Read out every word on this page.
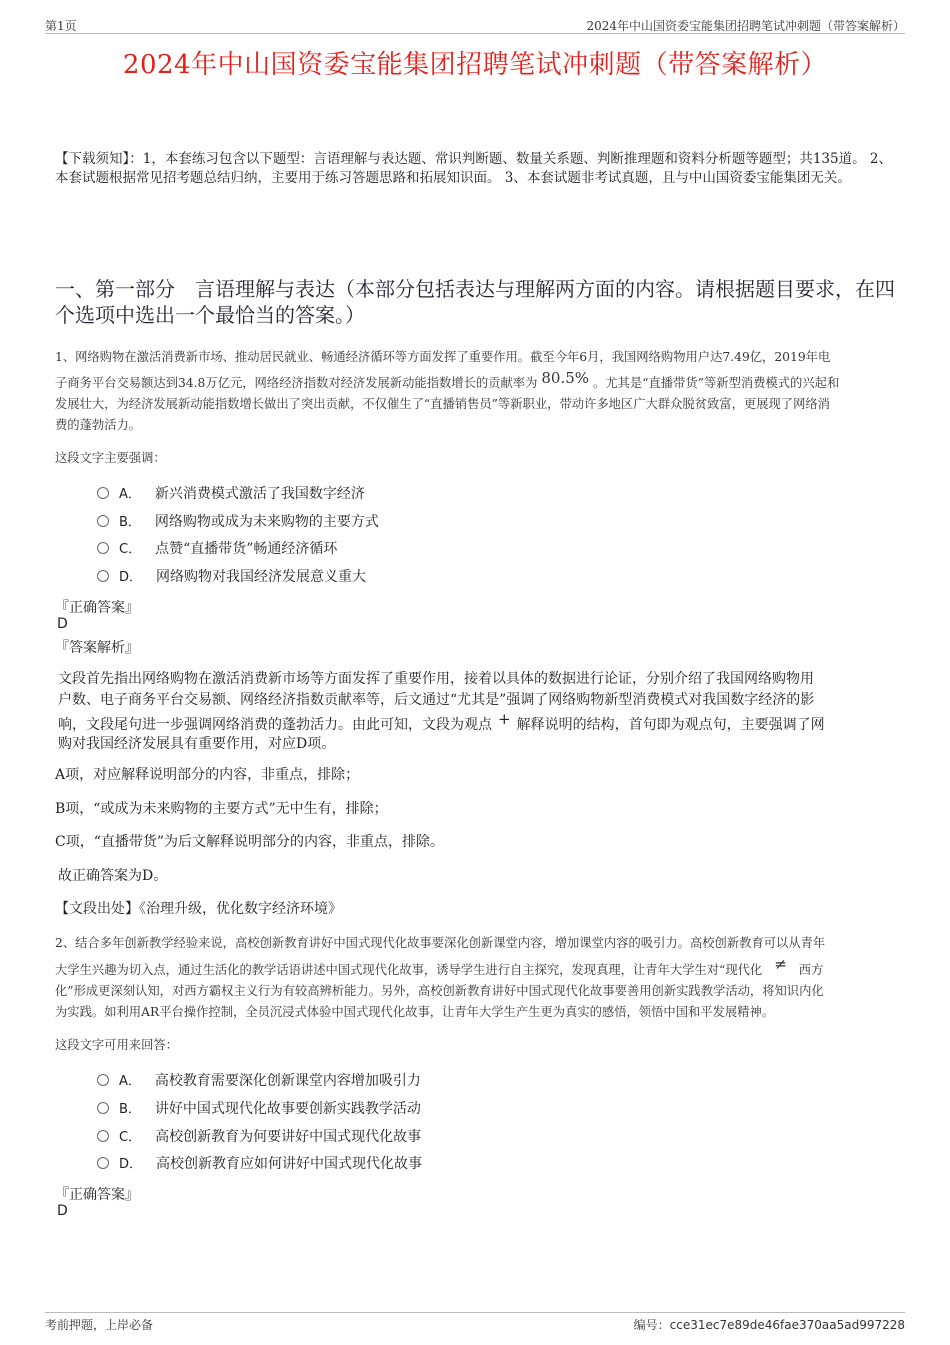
第1页	2024年中山国资委宝能集团招聘笔试冲刺题（带答案解析）
2024年中山国资委宝能集团招聘笔试冲刺题（带答案解析）
【下载须知】：1，本套练习包含以下题型：言语理解与表达题、常识判断题、数量关系题、判断推理题和资料分析题等题型；共135道。 2、本套试题根据常见招考题总结归纳，主要用于练习答题思路和拓展知识面。 3、本套试题非考试真题，且与中山国资委宝能集团无关。
一、第一部分　言语理解与表达（本部分包括表达与理解两方面的内容。请根据题目要求，在四个选项中选出一个最恰当的答案。）
1、网络购物在激活消费新市场、推动居民就业、畅通经济循环等方面发挥了重要作用。截至今年6月，我国网络购物用户达7.49亿，2019年电
子商务平台交易额达到34.8万亿元，网络经济指数对经济发展新动能指数增长的贡献率为 80.5% 。尤其是“直播带货”等新型消费模式的兴起和
发展壮大，为经济发展新动能指数增长做出了突出贡献，不仅催生了“直播销售员”等新职业，带动许多地区广大群众脱贫致富，更展现了网络消
费的蓬勃活力。
这段文字主要强调：
A． 新兴消费模式激活了我国数字经济
B． 网络购物或成为未来购物的主要方式
C． 点赞“直播带货”畅通经济循环
D． 网络购物对我国经济发展意义重大
『正确答案』
D
『答案解析』
文段首先指出网络购物在激活消费新市场等方面发挥了重要作用，接着以具体的数据进行论证，分别介绍了我国网络购物用
户数、电子商务平台交易额、网络经济指数贡献率等，后文通过“尤其是”强调了网络购物新型消费模式对我国数字经济的影
响，文段尾句进一步强调网络消费的蓬勃活力。由此可知，文段为观点 + 解释说明的结构，首句即为观点句，主要强调了网
购对我国经济发展具有重要作用，对应D项。
A项，对应解释说明部分的内容，非重点，排除；
B项，“或成为未来购物的主要方式”无中生有，排除；
C项，“直播带货”为后文解释说明部分的内容，非重点，排除。
故正确答案为D。
【文段出处】《治理升级，优化数字经济环境》
2、结合多年创新教学经验来说，高校创新教育讲好中国式现代化故事要深化创新课堂内容，增加课堂内容的吸引力。高校创新教育可以从青年
大学生兴趣为切入点，通过生活化的教学话语讲述中国式现代化故事，诱导学生进行自主探究，发现真理，让青年大学生对“现代化 ≠ 西方
化”形成更深刻认知，对西方霸权主义行为有较高辨析能力。另外，高校创新教育讲好中国式现代化故事要善用创新实践教学活动，将知识内化
为实践。如利用AR平台操作控制，全员沉浸式体验中国式现代化故事，让青年大学生产生更为真实的感悟，领悟中国和平发展精神。
这段文字可用来回答：
A． 高校教育需要深化创新课堂内容增加吸引力
B． 讲好中国式现代化故事要创新实践教学活动
C． 高校创新教育为何要讲好中国式现代化故事
D． 高校创新教育应如何讲好中国式现代化故事
『正确答案』
D
考前押题，上岸必备	编号：cce31ec7e89de46fae370aa5ad997228
